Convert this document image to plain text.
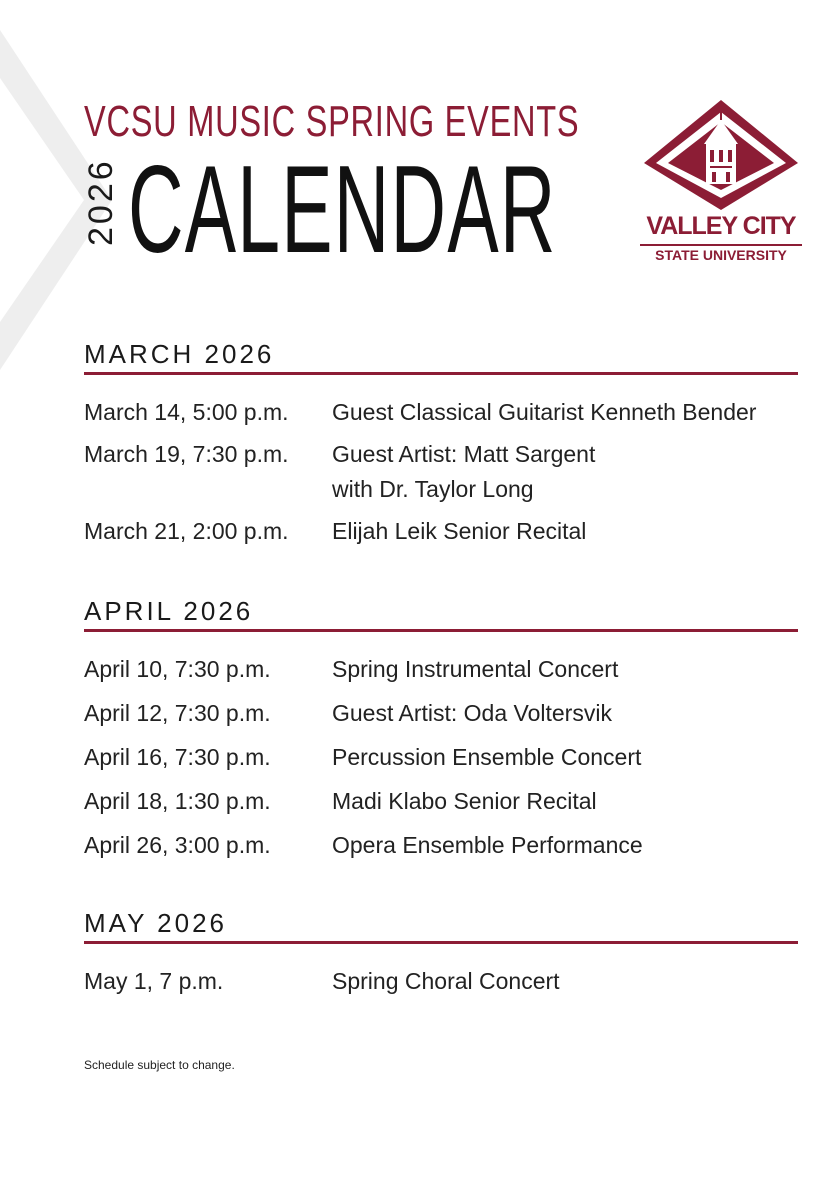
VCSU MUSIC SPRING EVENTS
2026 CALENDAR	VALLEY CITY
STATE UNIVERSITY
MARCH 2026
March 14, 5:00 p.m.	Guest Classical Guitarist Kenneth Bender
March 19, 7:30 p.m.	Guest Artist: Matt Sargent
with Dr. Taylor Long
March 21, 2:00 p.m.	Elijah Leik Senior Recital
APRIL 2026
April 10, 7:30 p.m.	Spring Instrumental Concert
April 12, 7:30 p.m.	Guest Artist: Oda Voltersvik
April 16, 7:30 p.m.	Percussion Ensemble Concert
April 18, 1:30 p.m.	Madi Klabo Senior Recital
April 26, 3:00 p.m.	Opera Ensemble Performance
MAY 2026
May 1, 7 p.m.	Spring Choral Concert
Schedule subject to change.
